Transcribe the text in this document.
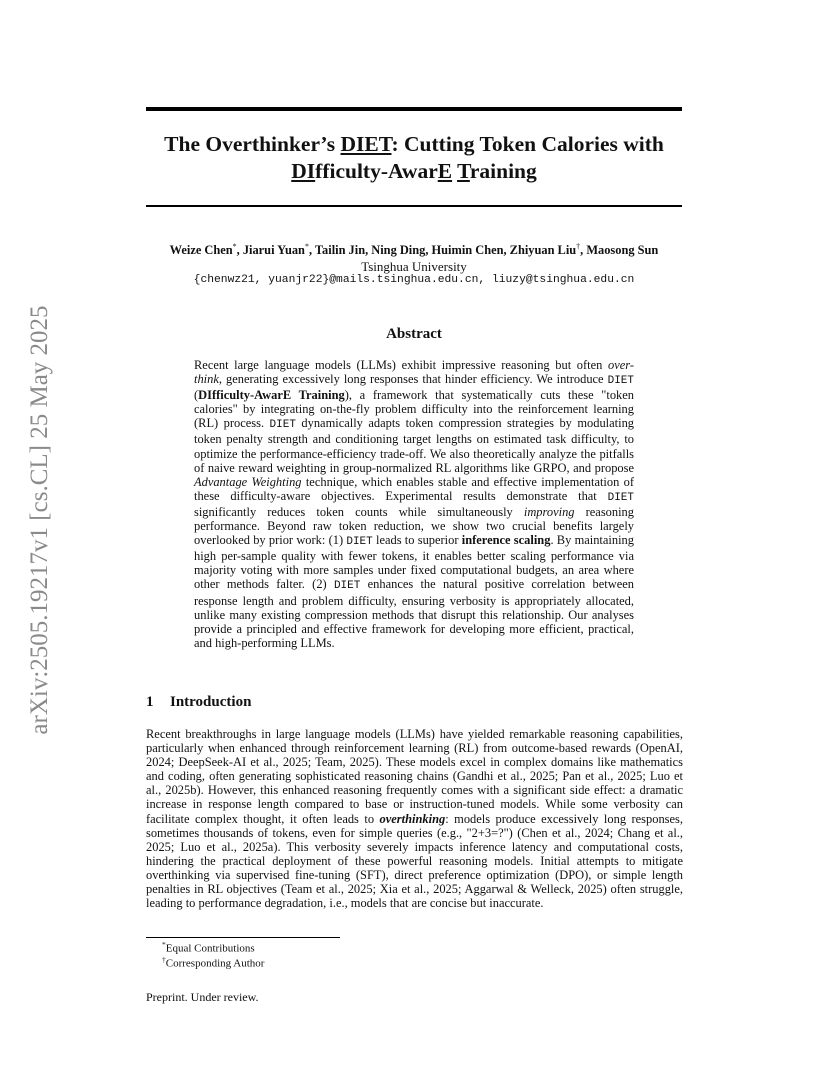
arXiv:2505.19217v1 [cs.CL] 25 May 2025
The Overthinker’s DIET: Cutting Token Calories with
DIfficulty-AwarE Training
Weize Chen*, Jiarui Yuan*, Tailin Jin, Ning Ding, Huimin Chen, Zhiyuan Liu†, Maosong Sun
Tsinghua University
{chenwz21, yuanjr22}@mails.tsinghua.edu.cn, liuzy@tsinghua.edu.cn
Abstract
Recent large language models (LLMs) exhibit impressive reasoning but often over-think, generating excessively long responses that hinder efficiency. We introduce DIET (DIfficulty-AwarE Training), a framework that systematically cuts these "token calories" by integrating on-the-fly problem difficulty into the reinforcement learning (RL) process. DIET dynamically adapts token compression strategies by modulating token penalty strength and conditioning target lengths on estimated task difficulty, to optimize the performance-efficiency trade-off. We also theoretically analyze the pitfalls of naive reward weighting in group-normalized RL algorithms like GRPO, and propose Advantage Weighting technique, which enables stable and effective implementation of these difficulty-aware objectives. Experimental results demonstrate that DIET significantly reduces token counts while simultaneously improving reasoning performance. Beyond raw token reduction, we show two crucial benefits largely overlooked by prior work: (1) DIET leads to superior inference scaling. By maintaining high per-sample quality with fewer tokens, it enables better scaling performance via majority voting with more samples under fixed computational budgets, an area where other methods falter. (2) DIET enhances the natural positive correlation between response length and problem difficulty, ensuring verbosity is appropriately allocated, unlike many existing compression methods that disrupt this relationship. Our analyses provide a principled and effective framework for developing more efficient, practical, and high-performing LLMs.
1 Introduction
Recent breakthroughs in large language models (LLMs) have yielded remarkable reasoning capabilities, particularly when enhanced through reinforcement learning (RL) from outcome-based rewards (OpenAI, 2024; DeepSeek-AI et al., 2025; Team, 2025). These models excel in complex domains like mathematics and coding, often generating sophisticated reasoning chains (Gandhi et al., 2025; Pan et al., 2025; Luo et al., 2025b). However, this enhanced reasoning frequently comes with a significant side effect: a dramatic increase in response length compared to base or instruction-tuned models. While some verbosity can facilitate complex thought, it often leads to overthinking: models produce excessively long responses, sometimes thousands of tokens, even for simple queries (e.g., "2+3=?") (Chen et al., 2024; Chang et al., 2025; Luo et al., 2025a). This verbosity severely impacts inference latency and computational costs, hindering the practical deployment of these powerful reasoning models. Initial attempts to mitigate overthinking via supervised fine-tuning (SFT), direct preference optimization (DPO), or simple length penalties in RL objectives (Team et al., 2025; Xia et al., 2025; Aggarwal & Welleck, 2025) often struggle, leading to performance degradation, i.e., models that are concise but inaccurate.
*Equal Contributions
†Corresponding Author
Preprint. Under review.
